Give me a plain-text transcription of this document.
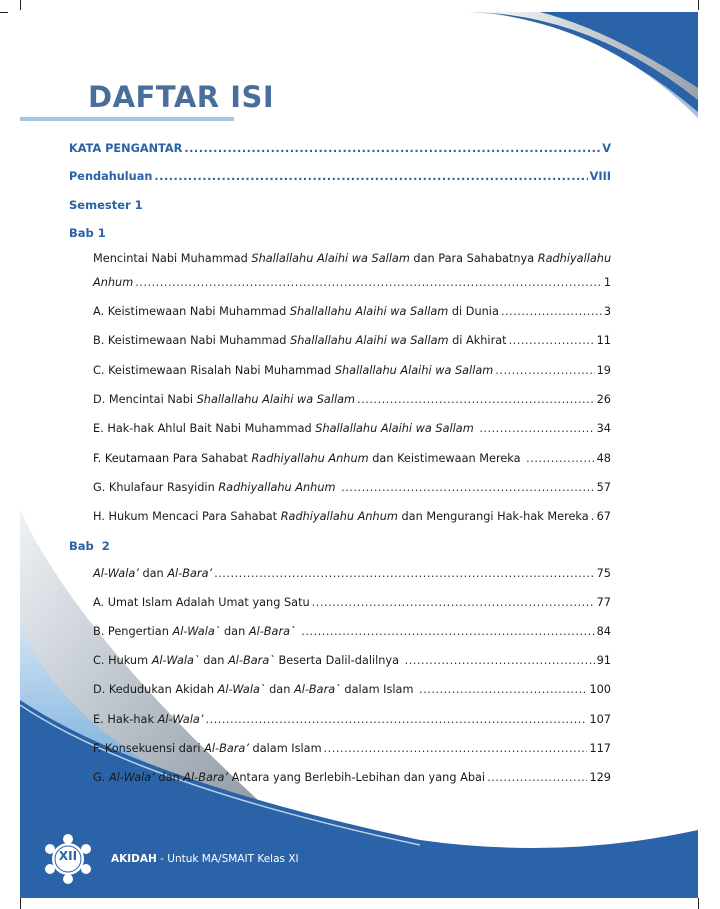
DAFTAR ISI
KATA PENGANTAR .....	V
Pendahuluan .....	VIII
Semester 1
Bab 1
Mencintai Nabi Muhammad Shallallahu Alaihi wa Sallam dan Para Sahabatnya Radhiyallahu
Anhum .....	1
A. Keistimewaan Nabi Muhammad Shallallahu Alaihi wa Sallam di Dunia .....	3
B. Keistimewaan Nabi Muhammad Shallallahu Alaihi wa Sallam di Akhirat .....	11
C. Keistimewaan Risalah Nabi Muhammad Shallallahu Alaihi wa Sallam .....	19
D. Mencintai Nabi Shallallahu Alaihi wa Sallam .....	26
E. Hak-hak Ahlul Bait Nabi Muhammad Shallallahu Alaihi wa Sallam .....	34
F. Keutamaan Para Sahabat Radhiyallahu Anhum dan Keistimewaan Mereka .....	48
G. Khulafaur Rasyidin Radhiyallahu Anhum .....	57
H. Hukum Mencaci Para Sahabat Radhiyallahu Anhum dan Mengurangi Hak-hak Mereka ..... 67
Bab  2
Al-Wala’ dan Al-Bara’ .....	75
A. Umat Islam Adalah Umat yang Satu .....	77
B. Pengertian Al-Wala` dan Al-Bara` .....	84
C. Hukum Al-Wala` dan Al-Bara` Beserta Dalil-dalilnya .....	91
D. Kedudukan Akidah Al-Wala` dan Al-Bara` dalam Islam .....	100
E. Hak-hak Al-Wala’ .....	107
F. Konsekuensi dari Al-Bara’ dalam Islam .....	117
G. Al-Wala’ dan Al-Bara’ Antara yang Berlebih-Lebihan dan yang Abai .....	129
XII	AKIDAH - Untuk MA/SMAIT Kelas XI
